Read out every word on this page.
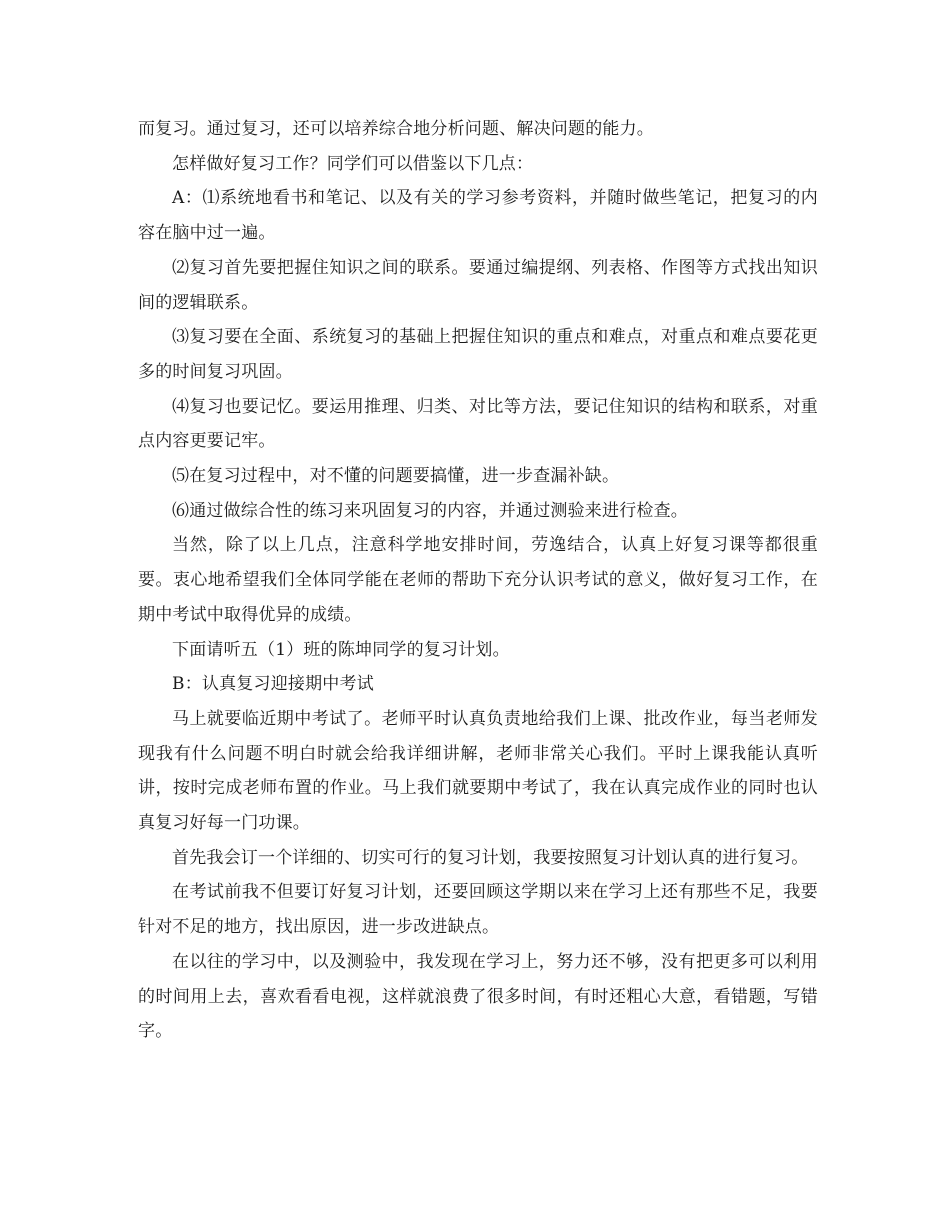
而复习。通过复习，还可以培养综合地分析问题、解决问题的能力。

怎样做好复习工作？同学们可以借鉴以下几点：

A：⑴系统地看书和笔记、以及有关的学习参考资料，并随时做些笔记，把复习的内容在脑中过一遍。

⑵复习首先要把握住知识之间的联系。要通过编提纲、列表格、作图等方式找出知识间的逻辑联系。

⑶复习要在全面、系统复习的基础上把握住知识的重点和难点，对重点和难点要花更多的时间复习巩固。

⑷复习也要记忆。要运用推理、归类、对比等方法，要记住知识的结构和联系，对重点内容更要记牢。

⑸在复习过程中，对不懂的问题要搞懂，进一步查漏补缺。

⑹通过做综合性的练习来巩固复习的内容，并通过测验来进行检查。

当然，除了以上几点，注意科学地安排时间，劳逸结合，认真上好复习课等都很重要。衷心地希望我们全体同学能在老师的帮助下充分认识考试的意义，做好复习工作，在期中考试中取得优异的成绩。

下面请听五（1）班的陈坤同学的复习计划。

B：认真复习迎接期中考试

马上就要临近期中考试了。老师平时认真负责地给我们上课、批改作业，每当老师发现我有什么问题不明白时就会给我详细讲解，老师非常关心我们。平时上课我能认真听讲，按时完成老师布置的作业。马上我们就要期中考试了，我在认真完成作业的同时也认真复习好每一门功课。

首先我会订一个详细的、切实可行的复习计划，我要按照复习计划认真的进行复习。

在考试前我不但要订好复习计划，还要回顾这学期以来在学习上还有那些不足，我要针对不足的地方，找出原因，进一步改进缺点。

在以往的学习中，以及测验中，我发现在学习上，努力还不够，没有把更多可以利用的时间用上去，喜欢看看电视，这样就浪费了很多时间，有时还粗心大意，看错题，写错字。
